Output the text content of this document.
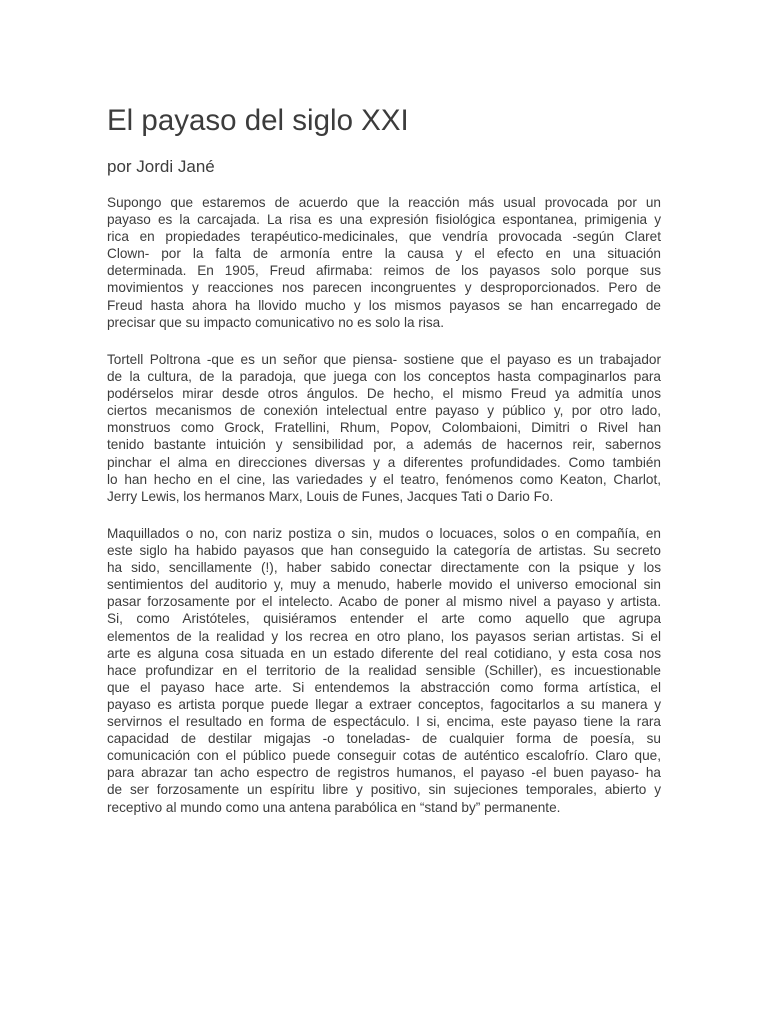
El payaso del siglo XXI
por Jordi Jané
Supongo que estaremos de acuerdo que la reacción más usual provocada por un
payaso es la carcajada. La risa es una expresión fisiológica espontanea, primigenia y
rica en propiedades terapéutico-medicinales, que vendría provocada -según Claret
Clown- por la falta de armonía entre la causa y el efecto en una situación
determinada. En 1905, Freud afirmaba: reimos de los payasos solo porque sus
movimientos y reacciones nos parecen incongruentes y desproporcionados. Pero de
Freud hasta ahora ha llovido mucho y los mismos payasos se han encarregado de
precisar que su impacto comunicativo no es solo la risa.
Tortell Poltrona -que es un señor que piensa- sostiene que el payaso es un trabajador
de la cultura, de la paradoja, que juega con los conceptos hasta compaginarlos para
podérselos mirar desde otros ángulos. De hecho, el mismo Freud ya admitía unos
ciertos mecanismos de conexión intelectual entre payaso y público y, por otro lado,
monstruos como Grock, Fratellini, Rhum, Popov, Colombaioni, Dimitri o Rivel han
tenido bastante intuición y sensibilidad por, a además de hacernos reir, sabernos
pinchar el alma en direcciones diversas y a diferentes profundidades. Como también
lo han hecho en el cine, las variedades y el teatro, fenómenos como Keaton, Charlot,
Jerry Lewis, los hermanos Marx, Louis de Funes, Jacques Tati o Dario Fo.
Maquillados o no, con nariz postiza o sin, mudos o locuaces, solos o en compañía, en
este siglo ha habido payasos que han conseguido la categoría de artistas. Su secreto
ha sido, sencillamente (!), haber sabido conectar directamente con la psique y los
sentimientos del auditorio y, muy a menudo, haberle movido el universo emocional sin
pasar forzosamente por el intelecto. Acabo de poner al mismo nivel a payaso y artista.
Si, como Aristóteles, quisiéramos entender el arte como aquello que agrupa
elementos de la realidad y los recrea en otro plano, los payasos serian artistas. Si el
arte es alguna cosa situada en un estado diferente del real cotidiano, y esta cosa nos
hace profundizar en el territorio de la realidad sensible (Schiller), es incuestionable
que el payaso hace arte. Si entendemos la abstracción como forma artística, el
payaso es artista porque puede llegar a extraer conceptos, fagocitarlos a su manera y
servirnos el resultado en forma de espectáculo. I si, encima, este payaso tiene la rara
capacidad de destilar migajas -o toneladas- de cualquier forma de poesía, su
comunicación con el público puede conseguir cotas de auténtico escalofrío. Claro que,
para abrazar tan acho espectro de registros humanos, el payaso -el buen payaso- ha
de ser forzosamente un espíritu libre y positivo, sin sujeciones temporales, abierto y
receptivo al mundo como una antena parabólica en “stand by” permanente.
